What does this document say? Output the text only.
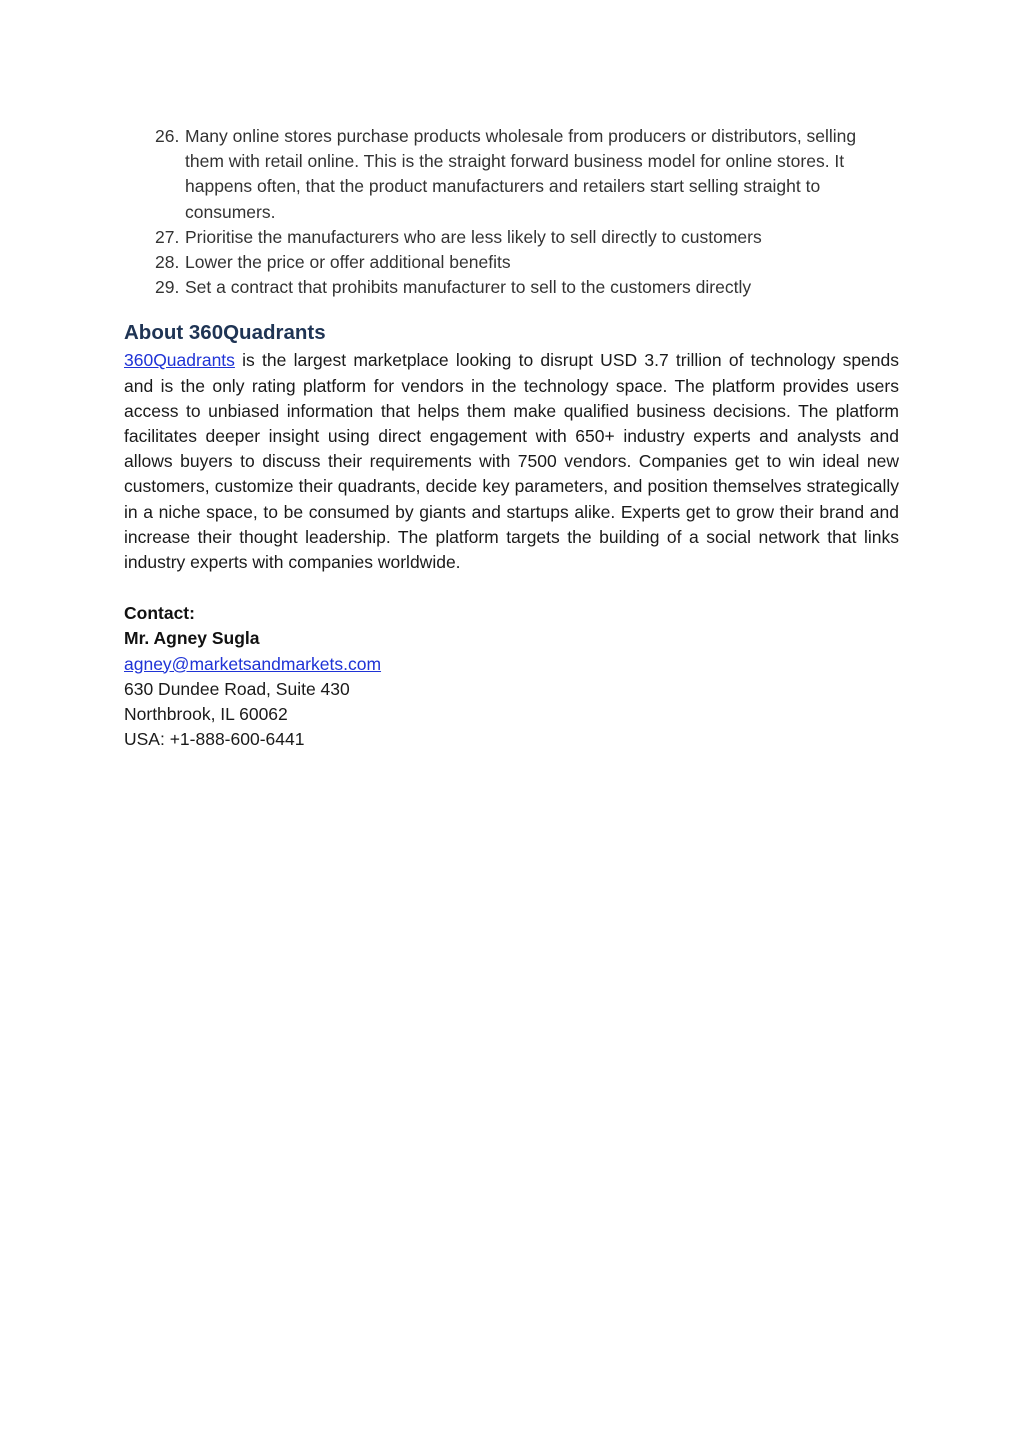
26. Many online stores purchase products wholesale from producers or distributors, selling them with retail online. This is the straight forward business model for online stores. It happens often, that the product manufacturers and retailers start selling straight to consumers.
27. Prioritise the manufacturers who are less likely to sell directly to customers
28. Lower the price or offer additional benefits
29. Set a contract that prohibits manufacturer to sell to the customers directly
About 360Quadrants

360Quadrants is the largest marketplace looking to disrupt USD 3.7 trillion of technology spends and is the only rating platform for vendors in the technology space. The platform provides users access to unbiased information that helps them make qualified business decisions. The platform facilitates deeper insight using direct engagement with 650+ industry experts and analysts and allows buyers to discuss their requirements with 7500 vendors. Companies get to win ideal new customers, customize their quadrants, decide key parameters, and position themselves strategically in a niche space, to be consumed by giants and startups alike. Experts get to grow their brand and increase their thought leadership. The platform targets the building of a social network that links industry experts with companies worldwide.

Contact:
Mr. Agney Sugla
agney@marketsandmarkets.com
630 Dundee Road, Suite 430
Northbrook, IL 60062
USA: +1-888-600-6441
